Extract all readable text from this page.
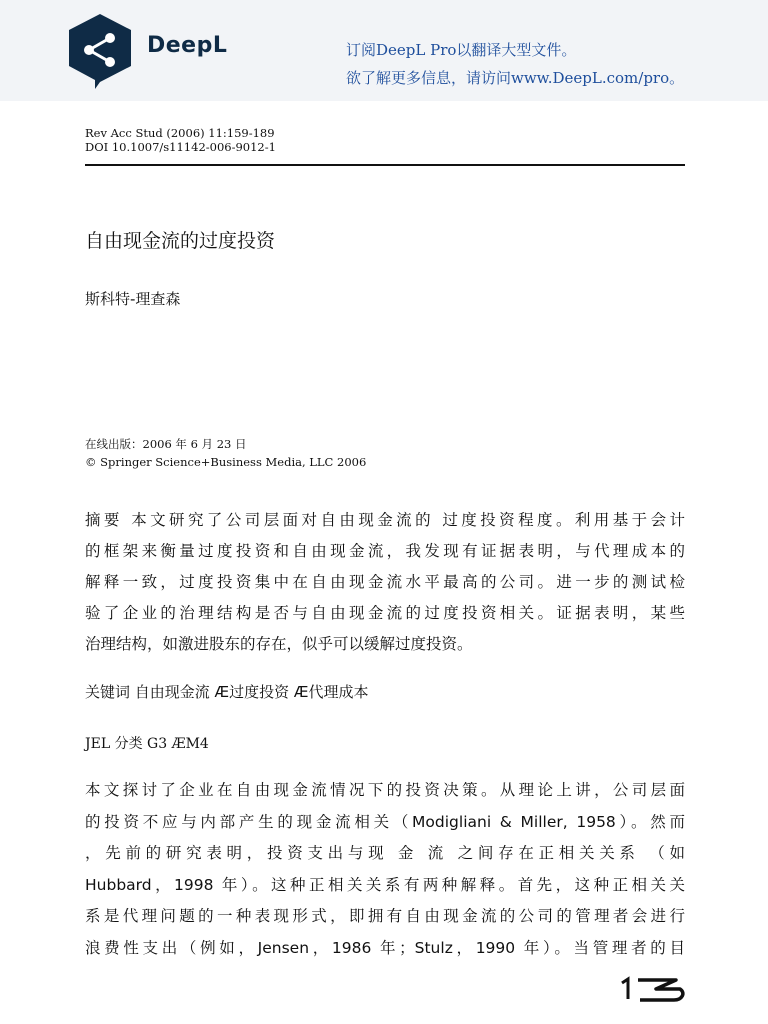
DeepL	订阅DeepL Pro以翻译大型文件。
欲了解更多信息，请访问www.DeepL.com/pro。
Rev Acc Stud (2006) 11:159-189
DOI 10.1007/s11142-006-9012-1
自由现金流的过度投资
斯科特-理查森
在线出版：2006 年 6 月 23 日
© Springer Science+Business Media, LLC 2006
摘要 本文研究了公司层面对自由现金流的 过度投资程度。利用基于会计
的框架来衡量过度投资和自由现金流，我发现有证据表明，与代理成本的
解释一致，过度投资集中在自由现金流水平最高的公司。进一步的测试检
验了企业的治理结构是否与自由现金流的过度投资相关。证据表明，某些
治理结构，如激进股东的存在，似乎可以缓解过度投资。
关键词 自由现金流 Æ过度投资 Æ代理成本
JEL 分类 G3 ÆM4
本文探讨了企业在自由现金流情况下的投资决策。从理论上讲，公司层面
的投资不应与内部产生的现金流相关（Modigliani & Miller, 1958）。然而
，先前的研究表明，投资支出与现 金 流 之间存在正相关关系 （如
Hubbard，1998 年）。这种正相关关系有两种解释。首先，这种正相关关
系是代理问题的一种表现形式，即拥有自由现金流的公司的管理者会进行
浪费性支出（例如，Jensen，1986 年；Stulz，1990 年）。当管理者的目
